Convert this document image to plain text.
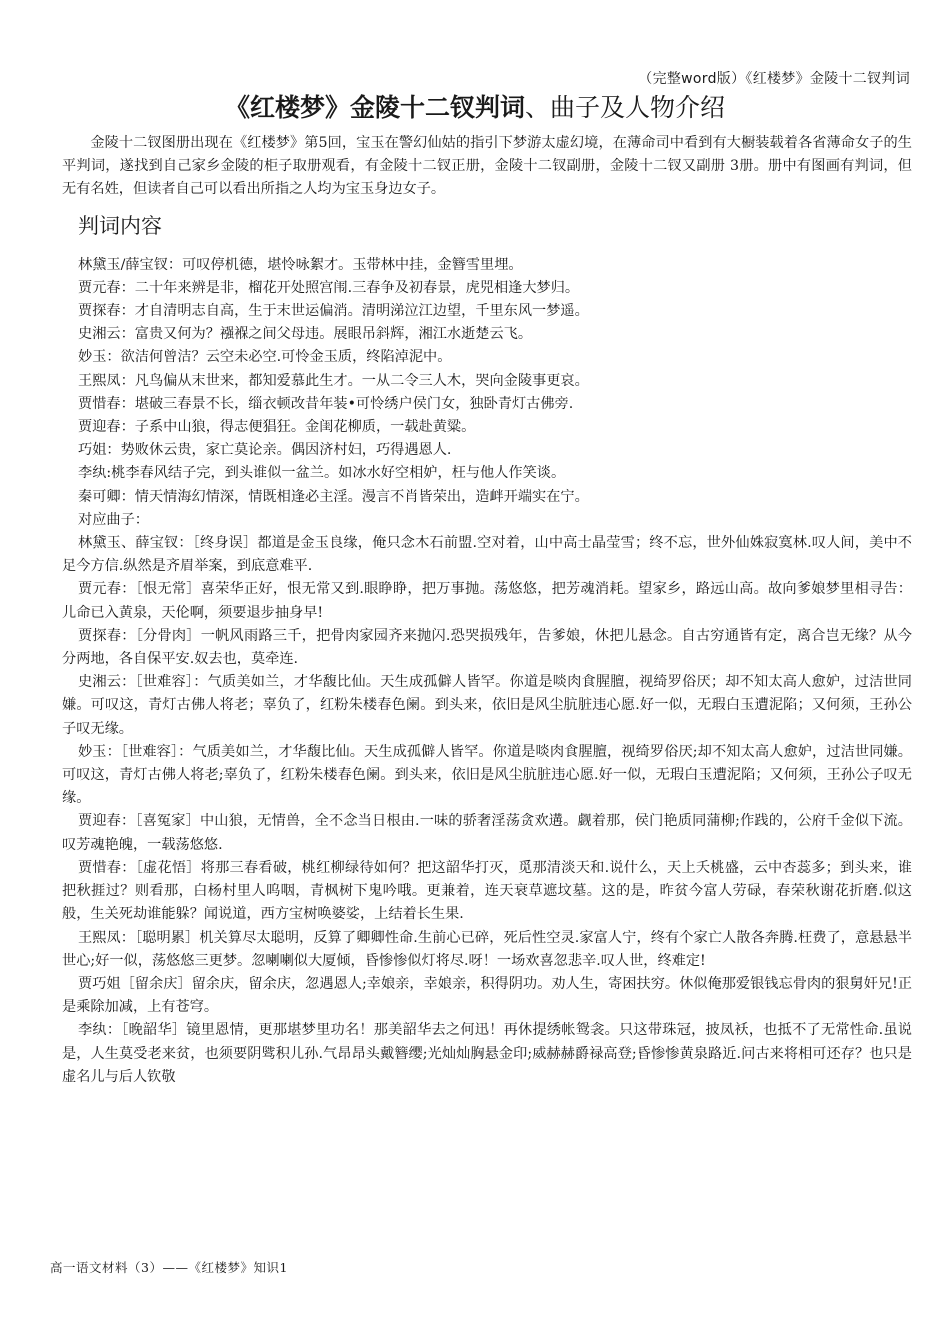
（完整word版）《红楼梦》金陵十二钗判词
《红楼梦》金陵十二钗判词、曲子及人物介绍

金陵十二钗图册出现在《红楼梦》第5回，宝玉在警幻仙姑的指引下梦游太虚幻境，在薄命司中看到有大橱装载着各省薄命女子的生平判词，遂找到自己家乡金陵的柜子取册观看，有金陵十二钗正册，金陵十二钗副册，金陵十二钗又副册 3册。册中有图画有判词，但无有名姓，但读者自己可以看出所指之人均为宝玉身边女子。

判词内容

林黛玉/薛宝钗：可叹停机德，堪怜咏絮才。玉带林中挂，金簪雪里埋。

贾元春：二十年来辨是非，榴花开处照宫闱.三春争及初春景，虎兕相逢大梦归。

贾探春：才自清明志自高，生于末世运偏消。清明涕泣江边望，千里东风一梦遥。

史湘云：富贵又何为？襁褓之间父母违。展眼吊斜辉，湘江水逝楚云飞。

妙玉：欲洁何曾洁？云空未必空.可怜金玉质，终陷淖泥中。

王熙凤：凡鸟偏从末世来，都知爱慕此生才。一从二令三人木，哭向金陵事更哀。

贾惜春：堪破三春景不长，缁衣顿改昔年装•可怜绣户侯门女，独卧青灯古佛旁.

贾迎春：子系中山狼，得志便猖狂。金闺花柳质，一载赴黄粱。

巧姐：势败休云贵，家亡莫论亲。偶因济村妇，巧得遇恩人.

李纨:桃李春风结子完，到头谁似一盆兰。如冰水好空相妒，枉与他人作笑谈。

秦可卿：情天情海幻情深，情既相逢必主淫。漫言不肖皆荣出，造衅开端实在宁。

对应曲子：

林黛玉、薛宝钗：［终身误］都道是金玉良缘，俺只念木石前盟.空对着，山中高士晶莹雪；终不忘，世外仙姝寂寞林.叹人间，美中不足今方信.纵然是齐眉举案，到底意难平.

贾元春：［恨无常］喜荣华正好，恨无常又到.眼睁睁，把万事抛。荡悠悠，把芳魂消耗。望家乡，路远山高。故向爹娘梦里相寻告：儿命已入黄泉，天伦啊，须要退步抽身早!

贾探春：［分骨肉］一帆风雨路三千，把骨肉家园齐来抛闪.恐哭损残年，告爹娘，休把儿悬念。自古穷通皆有定，离合岂无缘？从今分两地，各自保平安.奴去也，莫牵连.

史湘云：［世难容］：气质美如兰，才华馥比仙。天生成孤僻人皆罕。你道是啖肉食腥膻，视绮罗俗厌；却不知太高人愈妒，过洁世同嫌。可叹这，青灯古佛人将老；辜负了，红粉朱楼春色阑。到头来，依旧是风尘肮脏违心愿.好一似，无瑕白玉遭泥陷；又何须，王孙公子叹无缘。

妙玉：［世难容］：气质美如兰，才华馥比仙。天生成孤僻人皆罕。你道是啖肉食腥膻，视绮罗俗厌;却不知太高人愈妒，过洁世同嫌。可叹这，青灯古佛人将老;辜负了，红粉朱楼春色阑。到头来，依旧是风尘肮脏违心愿.好一似，无瑕白玉遭泥陷；又何须，王孙公子叹无缘。

贾迎春：［喜冤家］中山狼，无情兽，全不念当日根由.一味的骄奢淫荡贪欢遘。觑着那，侯门艳质同蒲柳;作践的，公府千金似下流。叹芳魂艳魄，一载荡悠悠.

贾惜春：［虚花悟］将那三春看破，桃红柳绿待如何？把这韶华打灭，觅那清淡天和.说什么，天上夭桃盛，云中杏蕊多；到头来，谁把秋捱过？则看那，白杨村里人呜咽，青枫树下鬼吟哦。更兼着，连天衰草遮坟墓。这的是，昨贫今富人劳碌，春荣秋谢花折磨.似这般，生关死劫谁能躲？闻说道，西方宝树唤婆娑，上结着长生果.

王熙凤：［聪明累］机关算尽太聪明，反算了卿卿性命.生前心已碎，死后性空灵.家富人宁，终有个家亡人散各奔腾.枉费了，意悬悬半世心;好一似，荡悠悠三更梦。忽喇喇似大厦倾，昏惨惨似灯将尽.呀！一场欢喜忽悲辛.叹人世，终难定!

贾巧姐［留余庆］留余庆，留余庆，忽遇恩人;幸娘亲，幸娘亲，积得阴功。劝人生，寄困扶穷。休似俺那爱银钱忘骨肉的狠舅奸兄!正是乘除加减，上有苍穹。

李纨：［晚韶华］镜里恩情，更那堪梦里功名！那美韶华去之何迅！再休提绣帐鸳衾。只这带珠冠，披凤袄，也抵不了无常性命.虽说是，人生莫受老来贫，也须要阴骘积儿孙.气昂昂头戴簪缨;光灿灿胸悬金印;威赫赫爵禄高登;昏惨惨黄泉路近.问古来将相可还存？也只是虚名儿与后人钦敬

高一语文材料（3）——《红楼梦》知识1
